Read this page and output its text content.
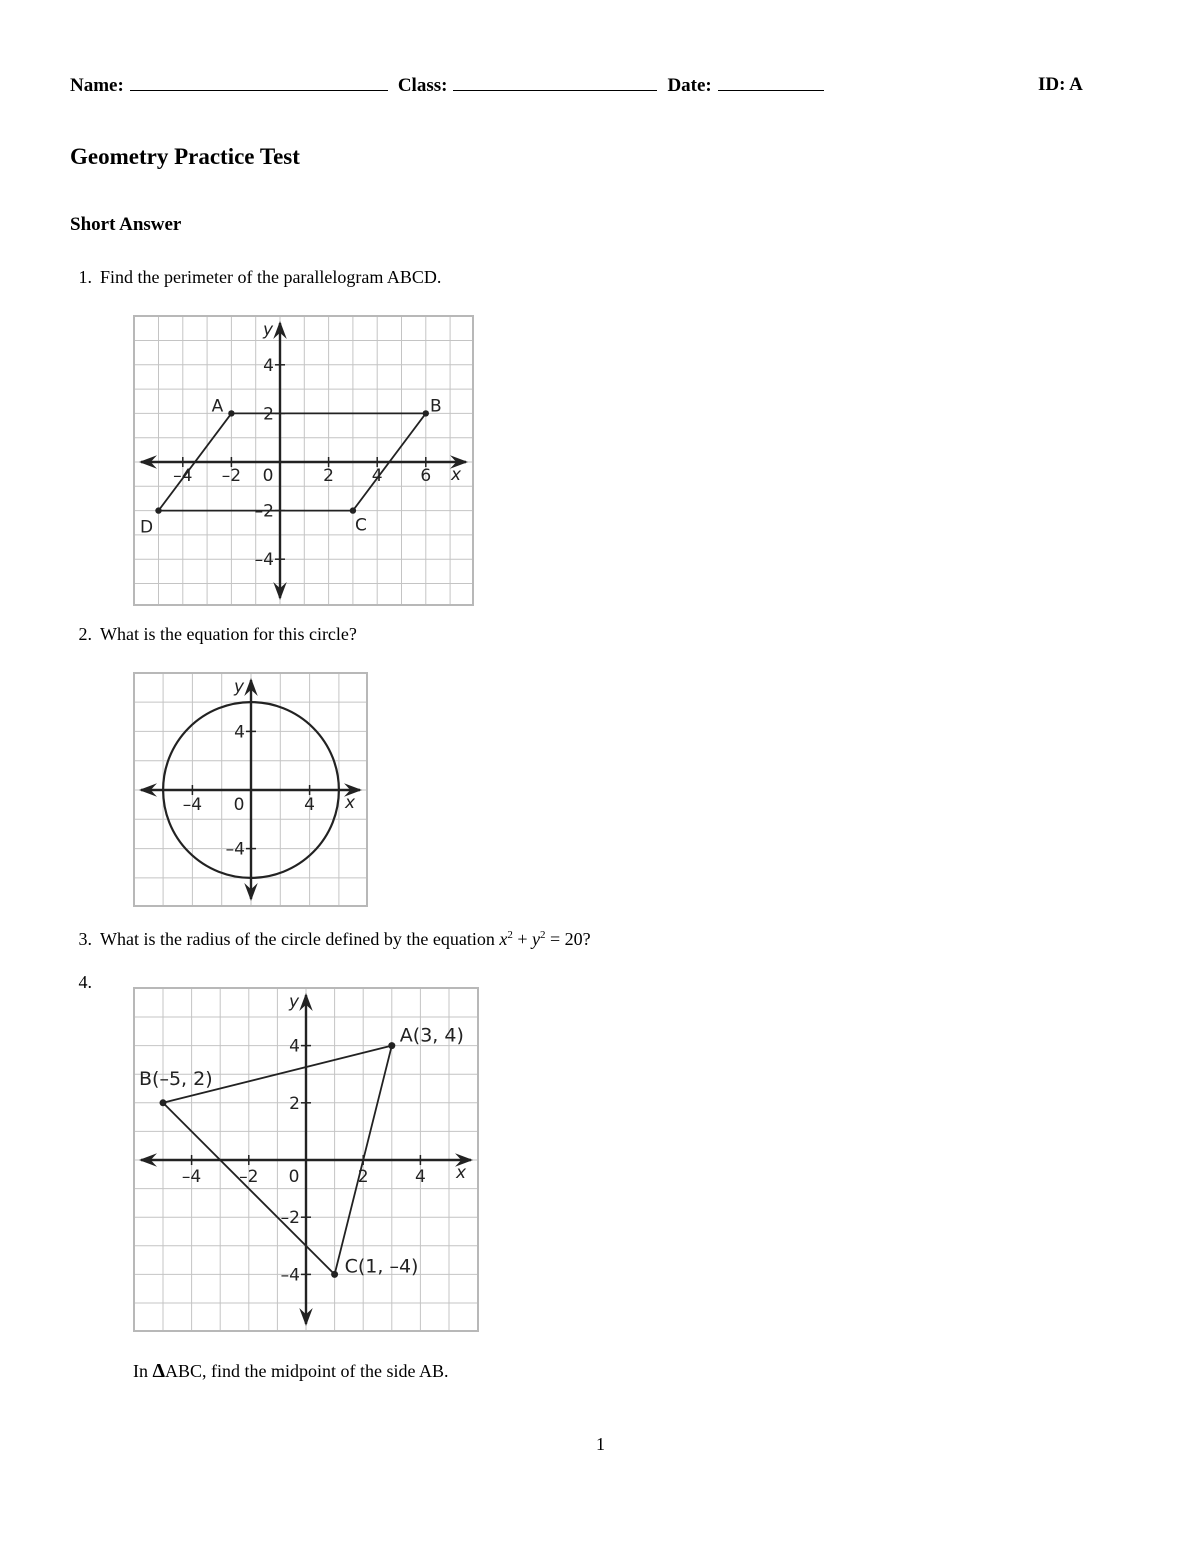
Name:	Class:	Date:	ID: A
Geometry Practice Test
Short Answer
1. Find the perimeter of the parallelogram ABCD.
–4 –2 0	2 4 6
4
2
–2
–4
x
y
A	B
C
D
2. What is the equation for this circle?
–4 0	4
4
–4
x
y
3. What is the radius of the circle defined by the equation $x^2 + y^2 = 20$?
4.
–4 –2 0	2	4
4
2
–2
–4
x
y
A(3, 4)
B(–5, 2)
C(1, –4)
In ΔABC, find the midpoint of the side AB.
1
